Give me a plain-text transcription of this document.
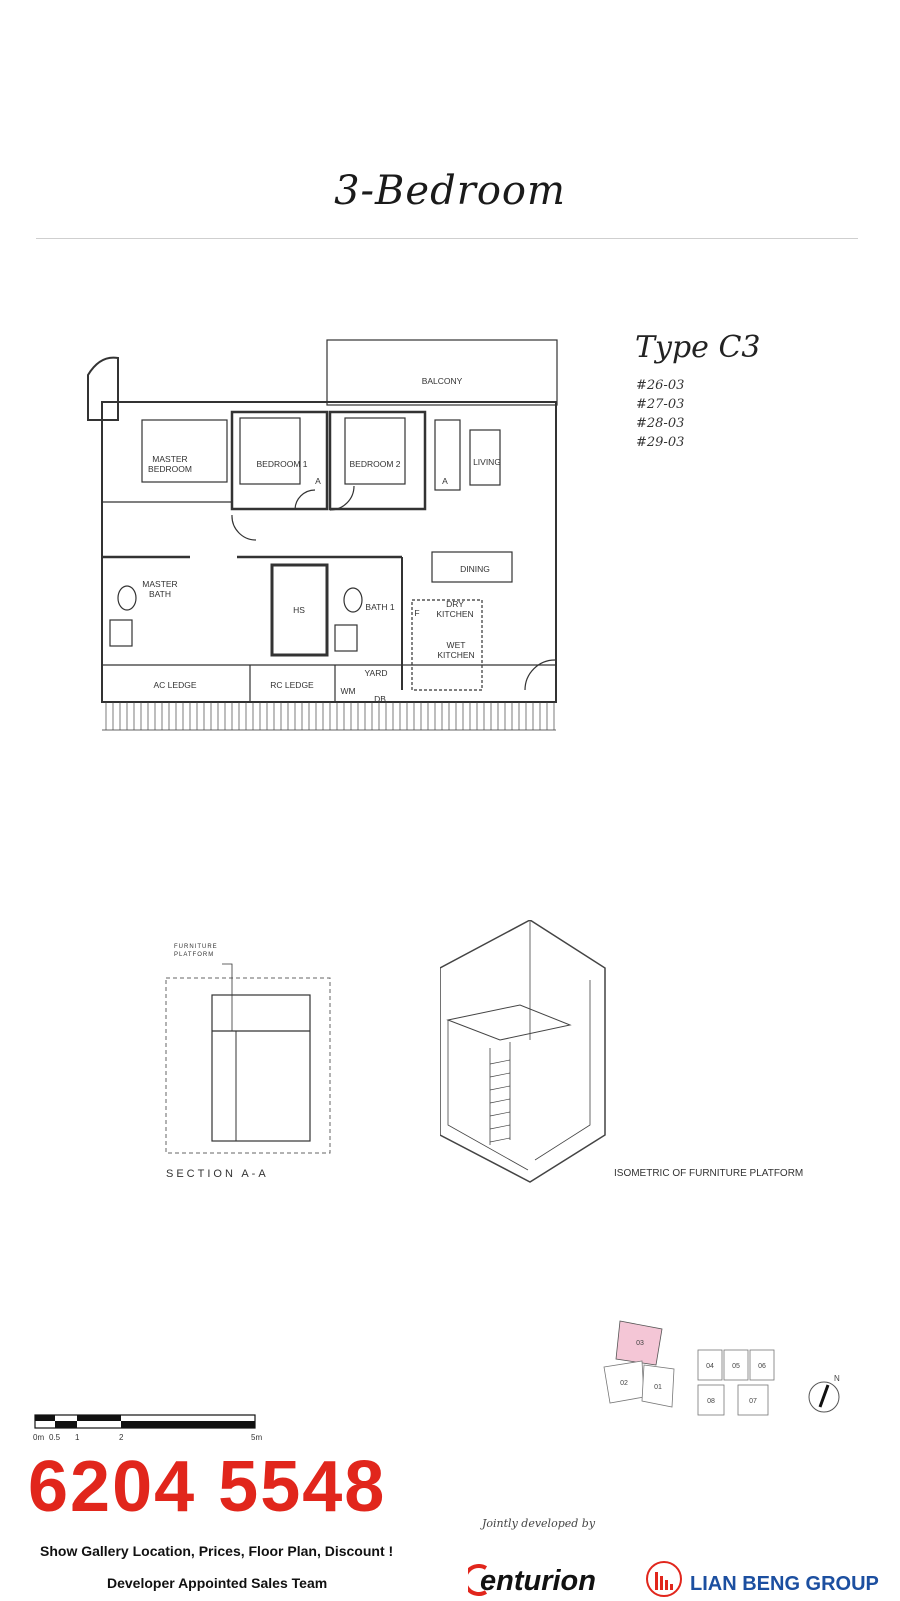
3-Bedroom
Type C3
#26-03
#27-03
#28-03
#29-03
BALCONY
MASTER
BEDROOM	BEDROOM 1	BEDROOM 2	LIVING
DINING
MASTER
BATH
HS	BATH 1	DRY
KITCHEN
WET
KITCHEN
F
YARD
WM
DB
AC LEDGE	RC LEDGE
A	A
FURNITURE
PLATFORM
SECTION A-A	ISOMETRIC OF FURNITURE PLATFORM
03
04	05	06
02
01
08	07
N
0m 0.5 1	2	5m
6204 5548
Show Gallery Location, Prices, Floor Plan, Discount !
Developer Appointed Sales Team
Jointly developed by
enturion	LIAN BENG GROUP
